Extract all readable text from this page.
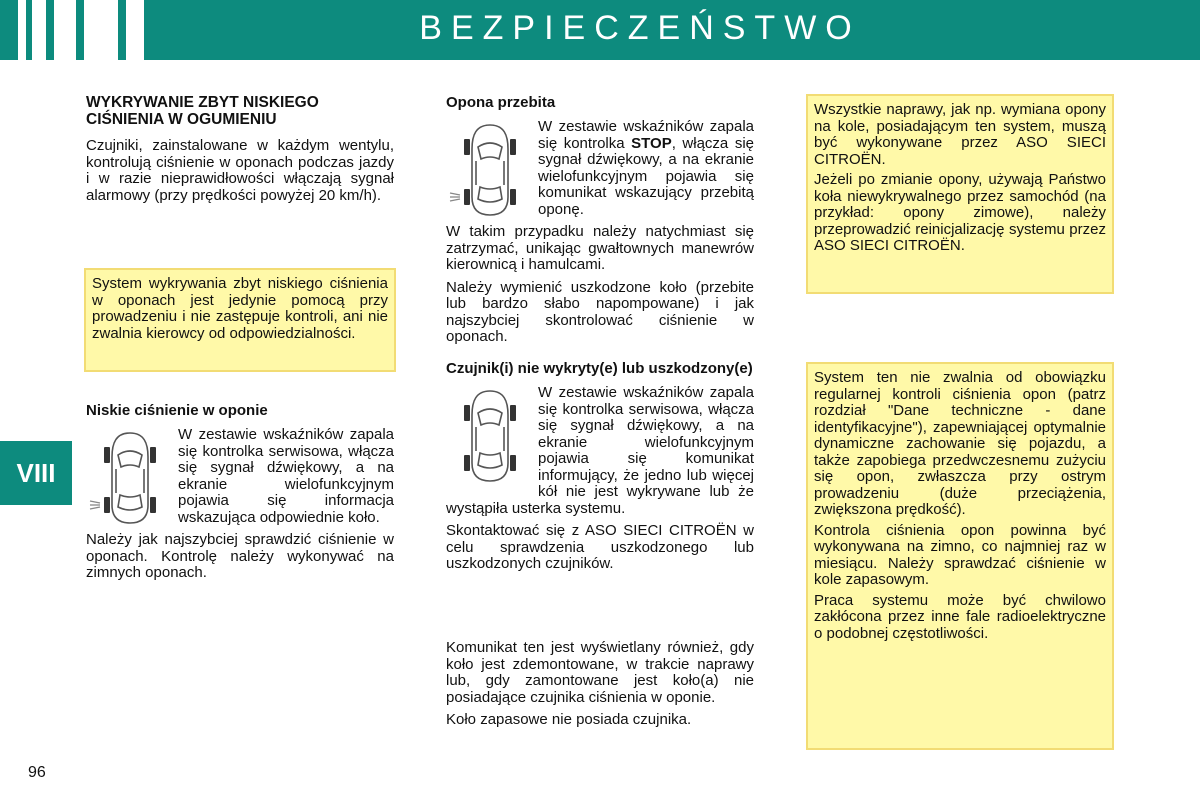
BEZPIECZEŃSTWO
VIII
WYKRYWANIE ZBYT NISKIEGO CIŚNIENIA W OGUMIENIU

Czujniki, zainstalowane w każdym wentylu, kontrolują ciśnienie w oponach podczas jazdy i w razie nieprawidłowości włączają sygnał alarmowy (przy prędkości powyżej 20 km/h).

System wykrywania zbyt niskiego ciśnienia w oponach jest jedynie pomocą przy prowadzeniu i nie zastępuje kontroli, ani nie zwalnia kierowcy od odpowiedzialności.

Niskie ciśnienie w oponie

W zestawie wskaźników zapala się kontrolka serwisowa, włącza się sygnał dźwiękowy, a na ekranie wielofunkcyjnym pojawia się informacja wskazująca odpowiednie koło.

Należy jak najszybciej sprawdzić ciśnienie w oponach. Kontrolę należy wykonywać na zimnych oponach.

Opona przebita

W zestawie wskaźników zapala się kontrolka STOP, włącza się sygnał dźwiękowy, a na ekranie wielofunkcyjnym pojawia się komunikat wskazujący przebitą oponę.

W takim przypadku należy natychmiast się zatrzymać, unikając gwałtownych manewrów kierownicą i hamulcami.

Należy wymienić uszkodzone koło (przebite lub bardzo słabo napompowane) i jak najszybciej skontrolować ciśnienie w oponach.

Czujnik(i) nie wykryty(e) lub uszkodzony(e)

W zestawie wskaźników zapala się kontrolka serwisowa, włącza się sygnał dźwiękowy, a na ekranie wielofunkcyjnym pojawia się komunikat informujący, że jedno lub więcej kół nie jest wykrywane lub że wystąpiła usterka systemu.

Skontaktować się z ASO SIECI CITROËN w celu sprawdzenia uszkodzonego lub uszkodzonych czujników.

Komunikat ten jest wyświetlany również, gdy koło jest zdemontowane, w trakcie naprawy lub, gdy zamontowane jest koło(a) nie posiadające czujnika ciśnienia w oponie.

Koło zapasowe nie posiada czujnika.

Wszystkie naprawy, jak np. wymiana opony na kole, posiadającym ten system, muszą być wykonywane przez ASO SIECI CITROËN.

Jeżeli po zmianie opony, używają Państwo koła niewykrywalnego przez samochód (na przykład: opony zimowe), należy przeprowadzić reinicjalizację systemu przez ASO SIECI CITROËN.

System ten nie zwalnia od obowiązku regularnej kontroli ciśnienia opon (patrz rozdział "Dane techniczne - dane identyfikacyjne"), zapewniającej optymalnie dynamiczne zachowanie się pojazdu, a także zapobiega przedwczesnemu zużyciu się opon, zwłaszcza przy ostrym prowadzeniu (duże przeciążenia, zwiększona prędkość).

Kontrola ciśnienia opon powinna być wykonywana na zimno, co najmniej raz w miesiącu. Należy sprawdzać ciśnienie w kole zapasowym.

Praca systemu może być chwilowo zakłócona przez inne fale radioelektryczne o podobnej częstotliwości.

96
